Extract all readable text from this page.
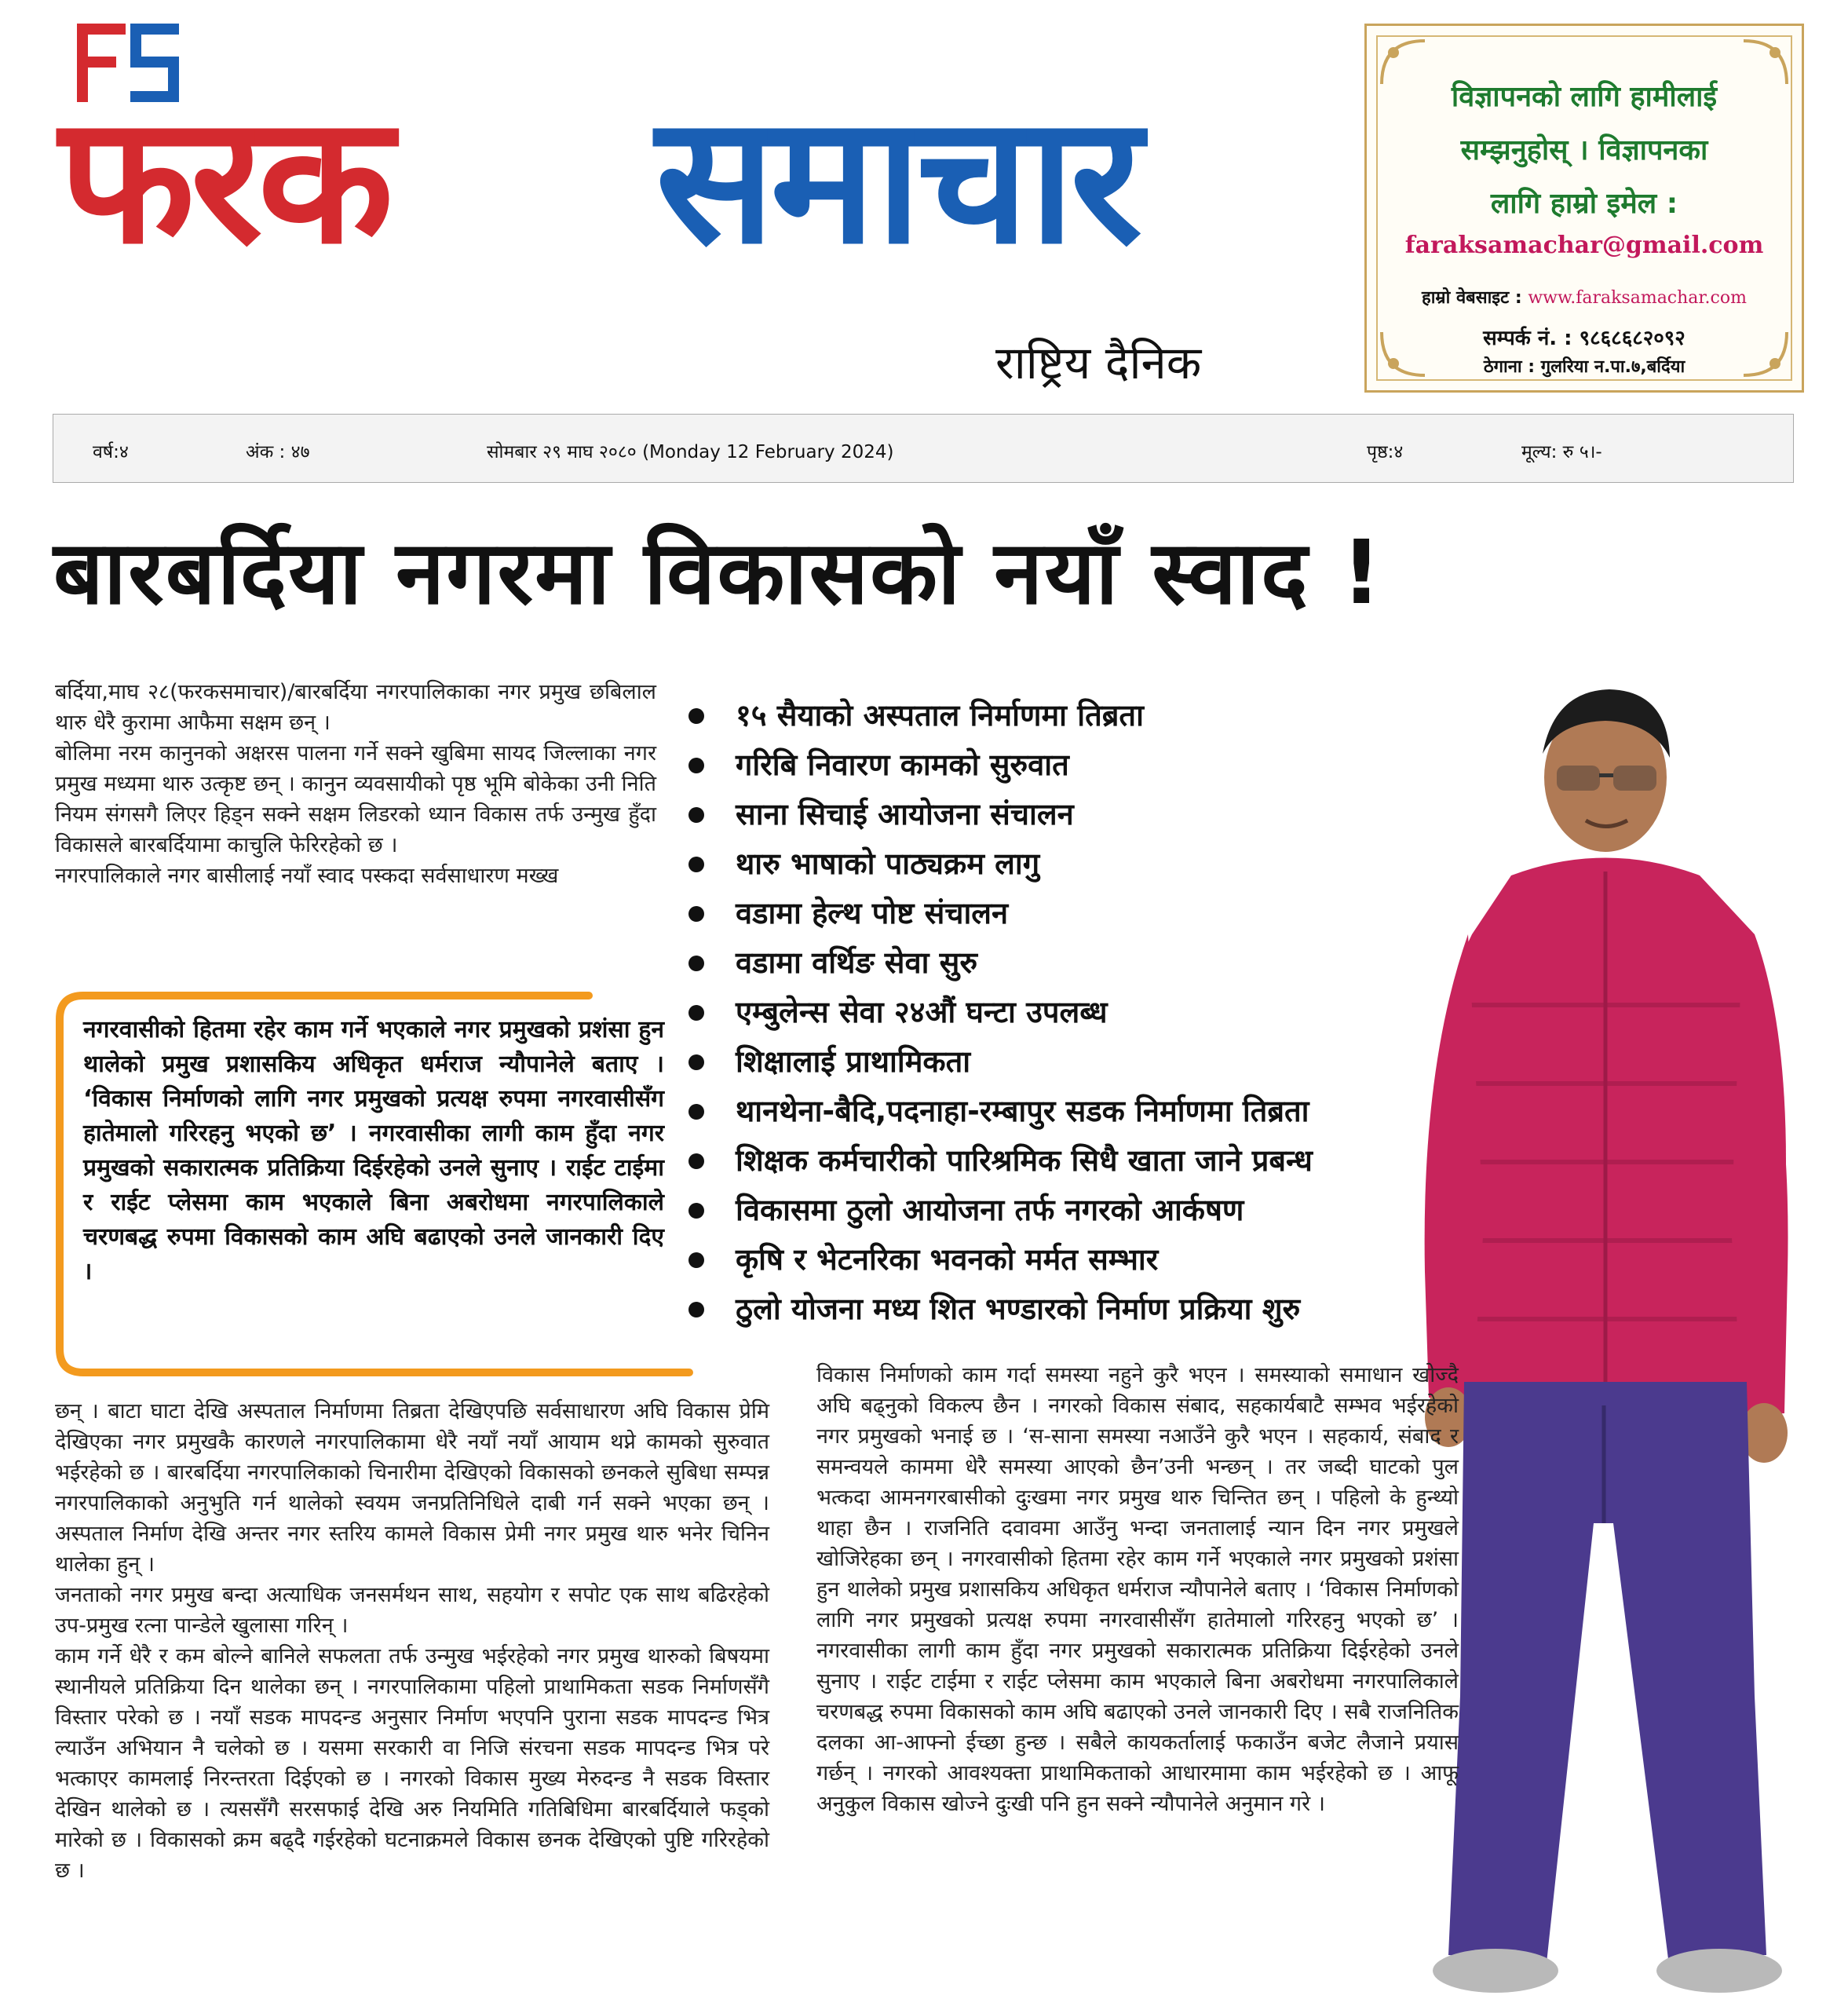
फरक समाचार
राष्ट्रिय दैनिक
विज्ञापनको लागि हामीलाई
सम्झनुहोस् । विज्ञापनका
लागि हाम्रो इमेल :
faraksamachar@gmail.com
हाम्रो वेबसाइट : www.faraksamachar.com
सम्पर्क नं. : ९८६८६८२०९२
ठेगाना : गुलरिया न.पा.७,बर्दिया
वर्ष:४	अंक : ४७	सोमबार २९ माघ २०८० (Monday 12 February 2024)	पृष्ठ:४	मूल्य: रु ५।-
बारबर्दिया नगरमा विकासको नयाँ स्वाद !

बर्दिया,माघ २८(फरकसमाचार)/बारबर्दिया नगरपालिकाका नगर प्रमुख छबिलाल थारु धेरै कुरामा आफैमा सक्षम छन् ।

बोलिमा नरम कानुनको अक्षरस पालना गर्ने सक्ने खुबिमा सायद जिल्लाका नगर प्रमुख मध्यमा थारु उत्कृष्ट छन् । कानुन व्यवसायीको पृष्ठ भूमि बोकेका उनी निति नियम संगसगै लिएर हिड्न सक्ने सक्षम लिडरको ध्यान विकास तर्फ उन्मुख हुँदा विकासले बारबर्दियामा काचुलि फेरिरहेको छ ।

नगरपालिकाले नगर बासीलाई नयाँ स्वाद पस्कदा सर्वसाधारण मख्ख

नगरवासीको हितमा रहेर काम गर्ने भएकाले नगर प्रमुखको प्रशंसा हुन थालेको प्रमुख प्रशासकिय अधिकृत धर्मराज न्यौपानेले बताए । ‘विकास निर्माणको लागि नगर प्रमुखको प्रत्यक्ष रुपमा नगरवासीसँग हातेमालो गरिरहनु भएको छ’ । नगरवासीका लागी काम हुँदा नगर प्रमुखको सकारात्मक प्रतिक्रिया दिईरहेको उनले सुनाए । राईट टाईमा र राईट प्लेसमा काम भएकाले बिना अबरोधमा नगरपालिकाले चरणबद्ध रुपमा विकासको काम अघि बढाएको उनले जानकारी दिए ।
१५ सैयाको अस्पताल निर्माणमा तिब्रता
गरिबि निवारण कामको सुरुवात
साना सिचाई आयोजना संचालन
थारु भाषाको पाठ्यक्रम लागु
वडामा हेल्थ पोष्ट संचालन
वडामा वर्थिङ सेवा सुरु
एम्बुलेन्स सेवा २४औं घन्टा उपलब्ध
शिक्षालाई प्राथामिकता
थानथेना-बैदि,पदनाहा-रम्बापुर सडक निर्माणमा तिब्रता
शिक्षक कर्मचारीको पारिश्रमिक सिधै खाता जाने प्रबन्ध
विकासमा ठुलो आयोजना तर्फ नगरको आर्कषण
कृषि र भेटनरिका भवनको मर्मत सम्भार
ठुलो योजना मध्य शित भण्डारको निर्माण प्रक्रिया शुरु

छन् । बाटा घाटा देखि अस्पताल निर्माणमा तिब्रता देखिएपछि सर्वसाधारण अघि विकास प्रेमि देखिएका नगर प्रमुखकै कारणले नगरपालिकामा धेरै नयाँ नयाँ आयाम थप्ने कामको सुरुवात भईरहेको छ । बारबर्दिया नगरपालिकाको चिनारीमा देखिएको विकासको छनकले सुबिधा सम्पन्न नगरपालिकाको अनुभुति गर्न थालेको स्वयम जनप्रतिनिधिले दाबी गर्न सक्ने भएका छन् । अस्पताल निर्माण देखि अन्तर नगर स्तरिय कामले विकास प्रेमी नगर प्रमुख थारु भनेर चिनिन थालेका हुन् ।

जनताको नगर प्रमुख बन्दा अत्याधिक जनसर्मथन साथ, सहयोग र सपोट एक साथ बढिरहेको उप-प्रमुख रत्ना पान्डेले खुलासा गरिन् ।

काम गर्ने धेरै र कम बोल्ने बानिले सफलता तर्फ उन्मुख भईरहेको नगर प्रमुख थारुको बिषयमा स्थानीयले प्रतिक्रिया दिन थालेका छन् । नगरपालिकामा पहिलो प्राथामिकता सडक निर्माणसँगै विस्तार परेको छ । नयाँ सडक मापदन्ड अनुसार निर्माण भएपनि पुराना सडक मापदन्ड भित्र ल्याउँन अभियान नै चलेको छ । यसमा सरकारी वा निजि संरचना सडक मापदन्ड भित्र परे भत्काएर कामलाई निरन्तरता दिईएको छ । नगरको विकास मुख्य मेरुदन्ड नै सडक विस्तार देखिन थालेको छ । त्यससँगै सरसफाई देखि अरु नियमिति गतिबिधिमा बारबर्दियाले फड्को मारेको छ । विकासको क्रम बढ्दै गईरहेको घटनाक्रमले विकास छनक देखिएको पुष्टि गरिरहेको छ ।

विकास निर्माणको काम गर्दा समस्या नहुने कुरै भएन । समस्याको समाधान खोज्दै अघि बढ्नुको विकल्प छैन । नगरको विकास संबाद, सहकार्यबाटै सम्भव भईरहेको नगर प्रमुखको भनाई छ । ‘स-साना समस्या नआउँने कुरै भएन । सहकार्य, संबाद र समन्वयले काममा धेरै समस्या आएको छैन’उनी भन्छन् । तर जब्दी घाटको पुल भत्कदा आमनगरबासीको दुःखमा नगर प्रमुख थारु चिन्तित छन् । पहिलो के हुन्थ्यो थाहा छैन । राजनिति दवावमा आउँनु भन्दा जनतालाई न्यान दिन नगर प्रमुखले खोजिरेहका छन् । नगरवासीको हितमा रहेर काम गर्ने भएकाले नगर प्रमुखको प्रशंसा हुन थालेको प्रमुख प्रशासकिय अधिकृत धर्मराज न्यौपानेले बताए । ‘विकास निर्माणको लागि नगर प्रमुखको प्रत्यक्ष रुपमा नगरवासीसँग हातेमालो गरिरहनु भएको छ’ । नगरवासीका लागी काम हुँदा नगर प्रमुखको सकारात्मक प्रतिक्रिया दिईरहेको उनले सुनाए । राईट टाईमा र राईट प्लेसमा काम भएकाले बिना अबरोधमा नगरपालिकाले चरणबद्ध रुपमा विकासको काम अघि बढाएको उनले जानकारी दिए । सबै राजनितिक दलका आ-आफ्नो ईच्छा हुन्छ । सबैले कायकर्तालाई फकाउँन बजेट लैजाने प्रयास गर्छन् । नगरको आवश्यक्ता प्राथामिकताको आधारमामा काम भईरहेको छ । आफू अनुकुल विकास खोज्ने दुःखी पनि हुन सक्ने न्यौपानेले अनुमान गरे ।
